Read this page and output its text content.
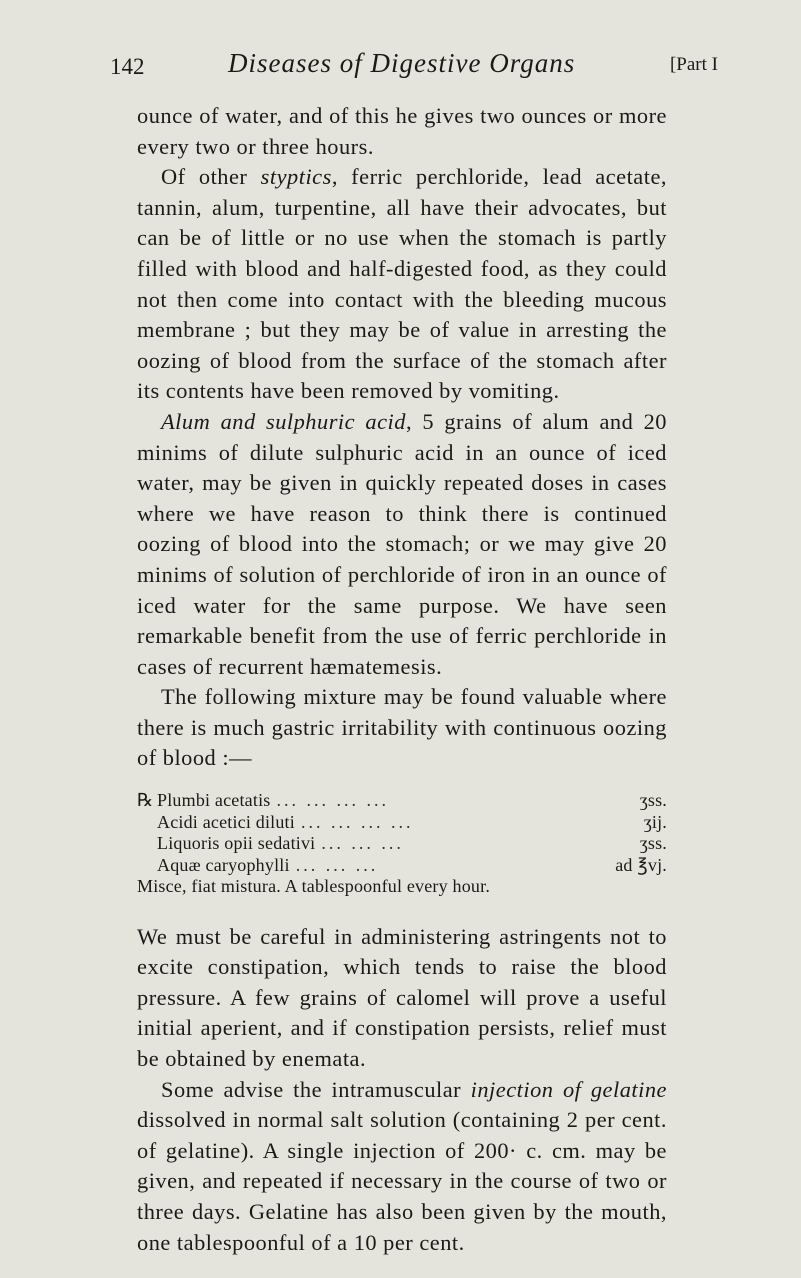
142	Diseases of Digestive Organs	[Part I

ounce of water, and of this he gives two ounces or more every two or three hours.

Of other styptics, ferric perchloride, lead acetate, tannin, alum, turpentine, all have their advocates, but can be of little or no use when the stomach is partly filled with blood and half-digested food, as they could not then come into contact with the bleeding mucous membrane ; but they may be of value in arresting the oozing of blood from the surface of the stomach after its contents have been removed by vomiting.

Alum and sulphuric acid, 5 grains of alum and 20 minims of dilute sulphuric acid in an ounce of iced water, may be given in quickly repeated doses in cases where we have reason to think there is continued oozing of blood into the stomach; or we may give 20 minims of solution of perchloride of iron in an ounce of iced water for the same purpose. We have seen remarkable benefit from the use of ferric perchloride in cases of recurrent hæmatemesis.

The following mixture may be found valuable where there is much gastric irritability with continuous oozing of blood :—

℞ Plumbi acetatis ... ... ... ...	ʒss.
Acidi acetici diluti ... ... ... ...	ʒij.
Liquoris opii sedativi ... ... ...	ʒss.
Aquæ caryophylli ... ... ...	ad ℥vj.
Misce, fiat mistura. A tablespoonful every hour.

We must be careful in administering astringents not to excite constipation, which tends to raise the blood pressure. A few grains of calomel will prove a useful initial aperient, and if constipation persists, relief must be obtained by enemata.

Some advise the intramuscular injection of gelatine dissolved in normal salt solution (containing 2 per cent. of gelatine). A single injection of 200· c. cm. may be given, and repeated if necessary in the course of two or three days. Gelatine has also been given by the mouth, one tablespoonful of a 10 per cent.
